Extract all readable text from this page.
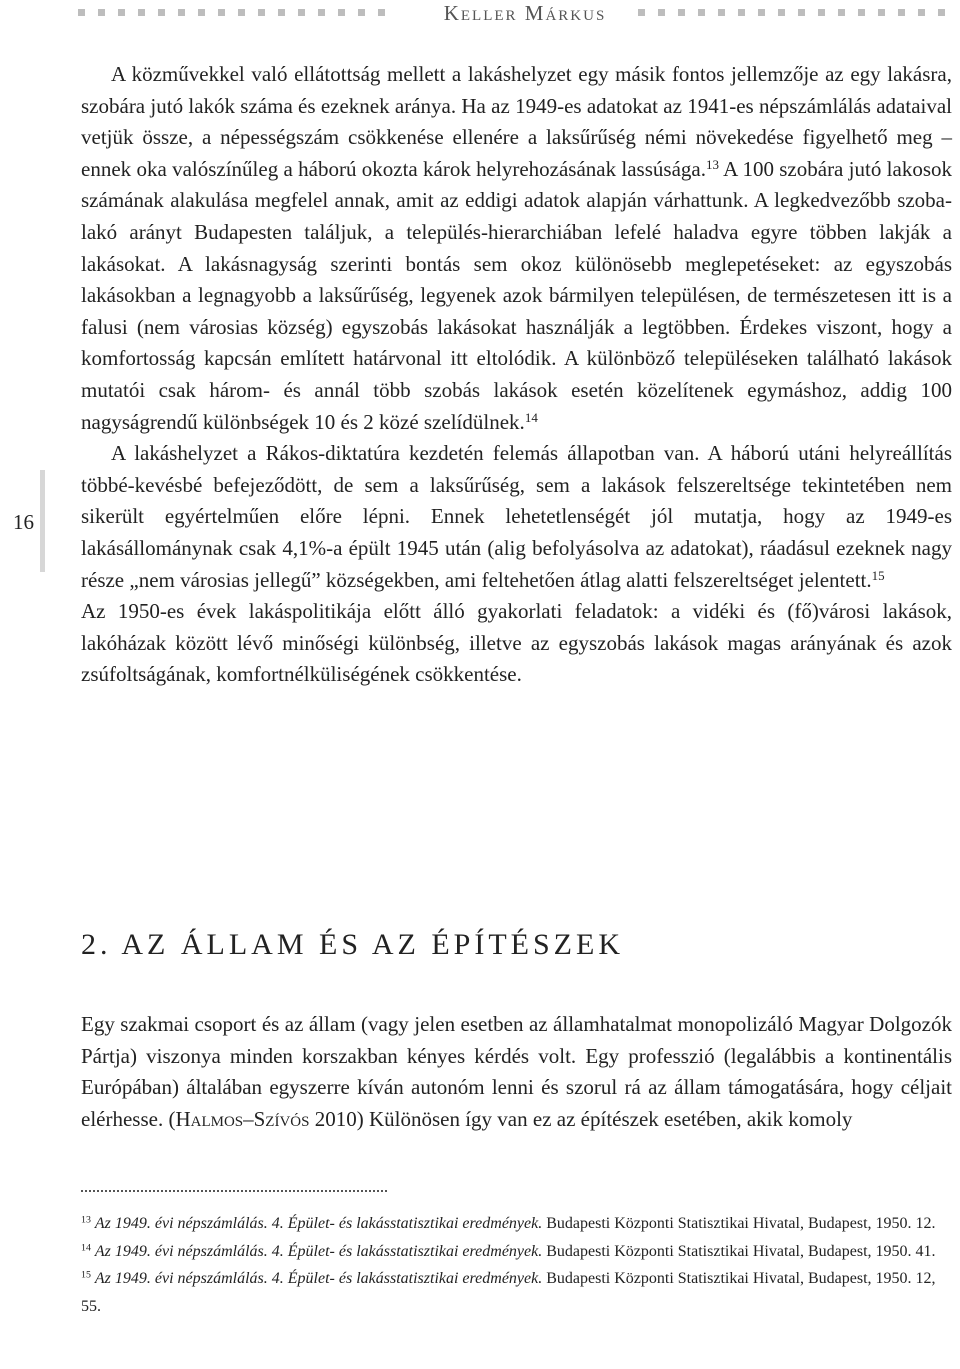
Keller Márkus
16

A közművekkel való ellátottság mellett a lakáshelyzet egy másik fontos jellemzője az egy lakásra, szobára jutó lakók száma és ezeknek aránya. Ha az 1949-es adatokat az 1941-es népszámlálás adataival vetjük össze, a népességszám csökkenése ellenére a laksűrűség némi növekedése figyelhető meg – ennek oka valószínűleg a háború okozta károk helyrehozásának lassúsága.$^{13}$ A 100 szobára jutó lakosok számának alakulása megfelel annak, amit az eddigi adatok alapján várhattunk. A legkedvezőbb szoba-lakó arányt Budapesten találjuk, a település-hierarchiában lefelé haladva egyre többen lakják a lakásokat. A lakásnagyság szerinti bontás sem okoz különösebb meglepetéseket: az egyszobás lakásokban a legnagyobb a laksűrűség, legyenek azok bármilyen településen, de természetesen itt is a falusi (nem városias község) egyszobás lakásokat használják a legtöbben. Érdekes viszont, hogy a komfortosság kapcsán említett határvonal itt eltolódik. A különböző településeken található lakások mutatói csak három- és annál több szobás lakások esetén közelítenek egymáshoz, addig 100 nagyságrendű különbségek 10 és 2 közé szelídülnek.$^{14}$

A lakáshelyzet a Rákos-diktatúra kezdetén felemás állapotban van. A háború utáni helyreállítás többé-kevésbé befejeződött, de sem a laksűrűség, sem a lakások felszereltsége tekintetében nem sikerült egyértelműen előre lépni. Ennek lehetetlenségét jól mutatja, hogy az 1949-es lakásállománynak csak 4,1%-a épült 1945 után (alig befolyásolva az adatokat), ráadásul ezeknek nagy része „nem városias jellegű” községekben, ami feltehetően átlag alatti felszereltséget jelentett.$^{15}$

Az 1950-es évek lakáspolitikája előtt álló gyakorlati feladatok: a vidéki és (fő)városi lakások, lakóházak között lévő minőségi különbség, illetve az egyszobás lakások magas arányának és azok zsúfoltságának, komfortnélküliségének csökkentése.

2. AZ ÁLLAM ÉS AZ ÉPÍTÉSZEK

Egy szakmai csoport és az állam (vagy jelen esetben az államhatalmat monopolizáló Magyar Dolgozók Pártja) viszonya minden korszakban kényes kérdés volt. Egy professzió (legalábbis a kontinentális Európában) általában egyszerre kíván autonóm lenni és szorul rá az állam támogatására, hogy céljait elérhesse. (Halmos–Szívós 2010) Különösen így van ez az építészek esetében, akik komoly

$^{13}$ Az 1949. évi népszámlálás. 4. Épület- és lakásstatisztikai eredmények. Budapesti Központi Statisztikai Hivatal, Budapest, 1950. 12.

$^{14}$ Az 1949. évi népszámlálás. 4. Épület- és lakásstatisztikai eredmények. Budapesti Központi Statisztikai Hivatal, Budapest, 1950. 41.

$^{15}$ Az 1949. évi népszámlálás. 4. Épület- és lakásstatisztikai eredmények. Budapesti Központi Statisztikai Hivatal, Budapest, 1950. 12, 55.
